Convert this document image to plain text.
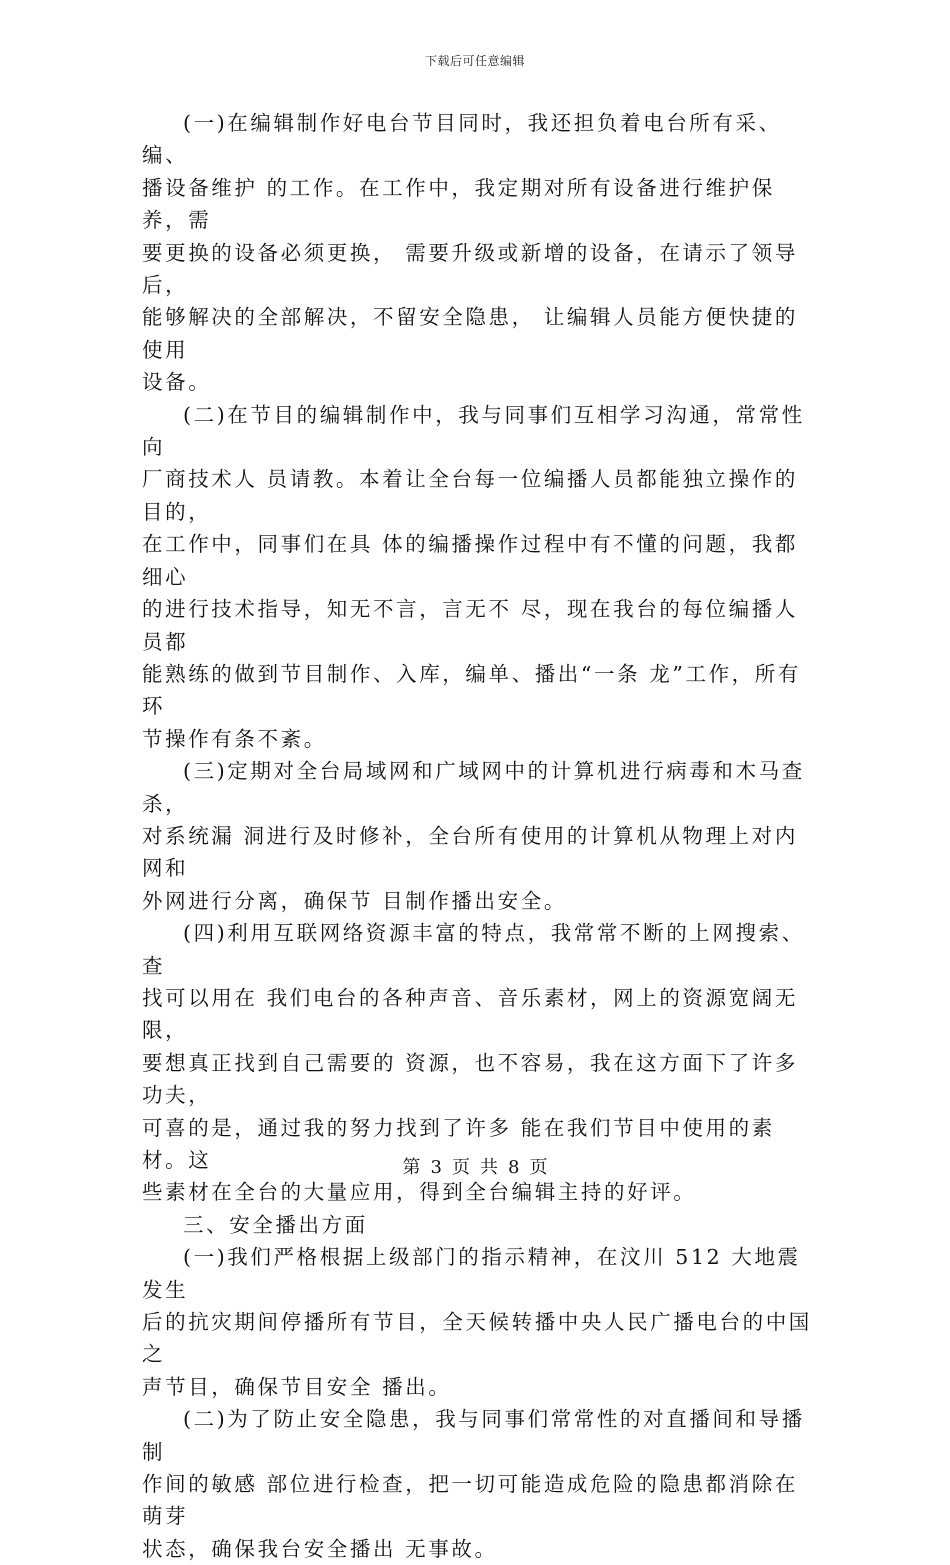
下载后可任意编辑

(一)在编辑制作好电台节目同时，我还担负着电台所有采、编、
播设备维护 的工作。在工作中，我定期对所有设备进行维护保养，需
要更换的设备必须更换， 需要升级或新增的设备，在请示了领导后，
能够解决的全部解决，不留安全隐患， 让编辑人员能方便快捷的使用
设备。

(二)在节目的编辑制作中，我与同事们互相学习沟通，常常性向
厂商技术人 员请教。本着让全台每一位编播人员都能独立操作的目的，
在工作中，同事们在具 体的编播操作过程中有不懂的问题，我都细心
的进行技术指导，知无不言，言无不 尽，现在我台的每位编播人员都
能熟练的做到节目制作、入库，编单、播出“一条 龙”工作，所有环
节操作有条不紊。

(三)定期对全台局域网和广域网中的计算机进行病毒和木马查杀，
对系统漏 洞进行及时修补，全台所有使用的计算机从物理上对内网和
外网进行分离，确保节 目制作播出安全。

(四)利用互联网络资源丰富的特点，我常常不断的上网搜索、查
找可以用在 我们电台的各种声音、音乐素材，网上的资源宽阔无限，
要想真正找到自己需要的 资源，也不容易，我在这方面下了许多功夫，
可喜的是，通过我的努力找到了许多 能在我们节目中使用的素材。这
些素材在全台的大量应用，得到全台编辑主持的好评。

三、安全播出方面

(一)我们严格根据上级部门的指示精神，在汶川 512 大地震发生
后的抗灾期间停播所有节目，全天候转播中央人民广播电台的中国之
声节目，确保节目安全 播出。

(二)为了防止安全隐患，我与同事们常常性的对直播间和导播制
作间的敏感 部位进行检查，把一切可能造成危险的隐患都消除在萌芽
状态，确保我台安全播出 无事故。

第 3 页 共 8 页
